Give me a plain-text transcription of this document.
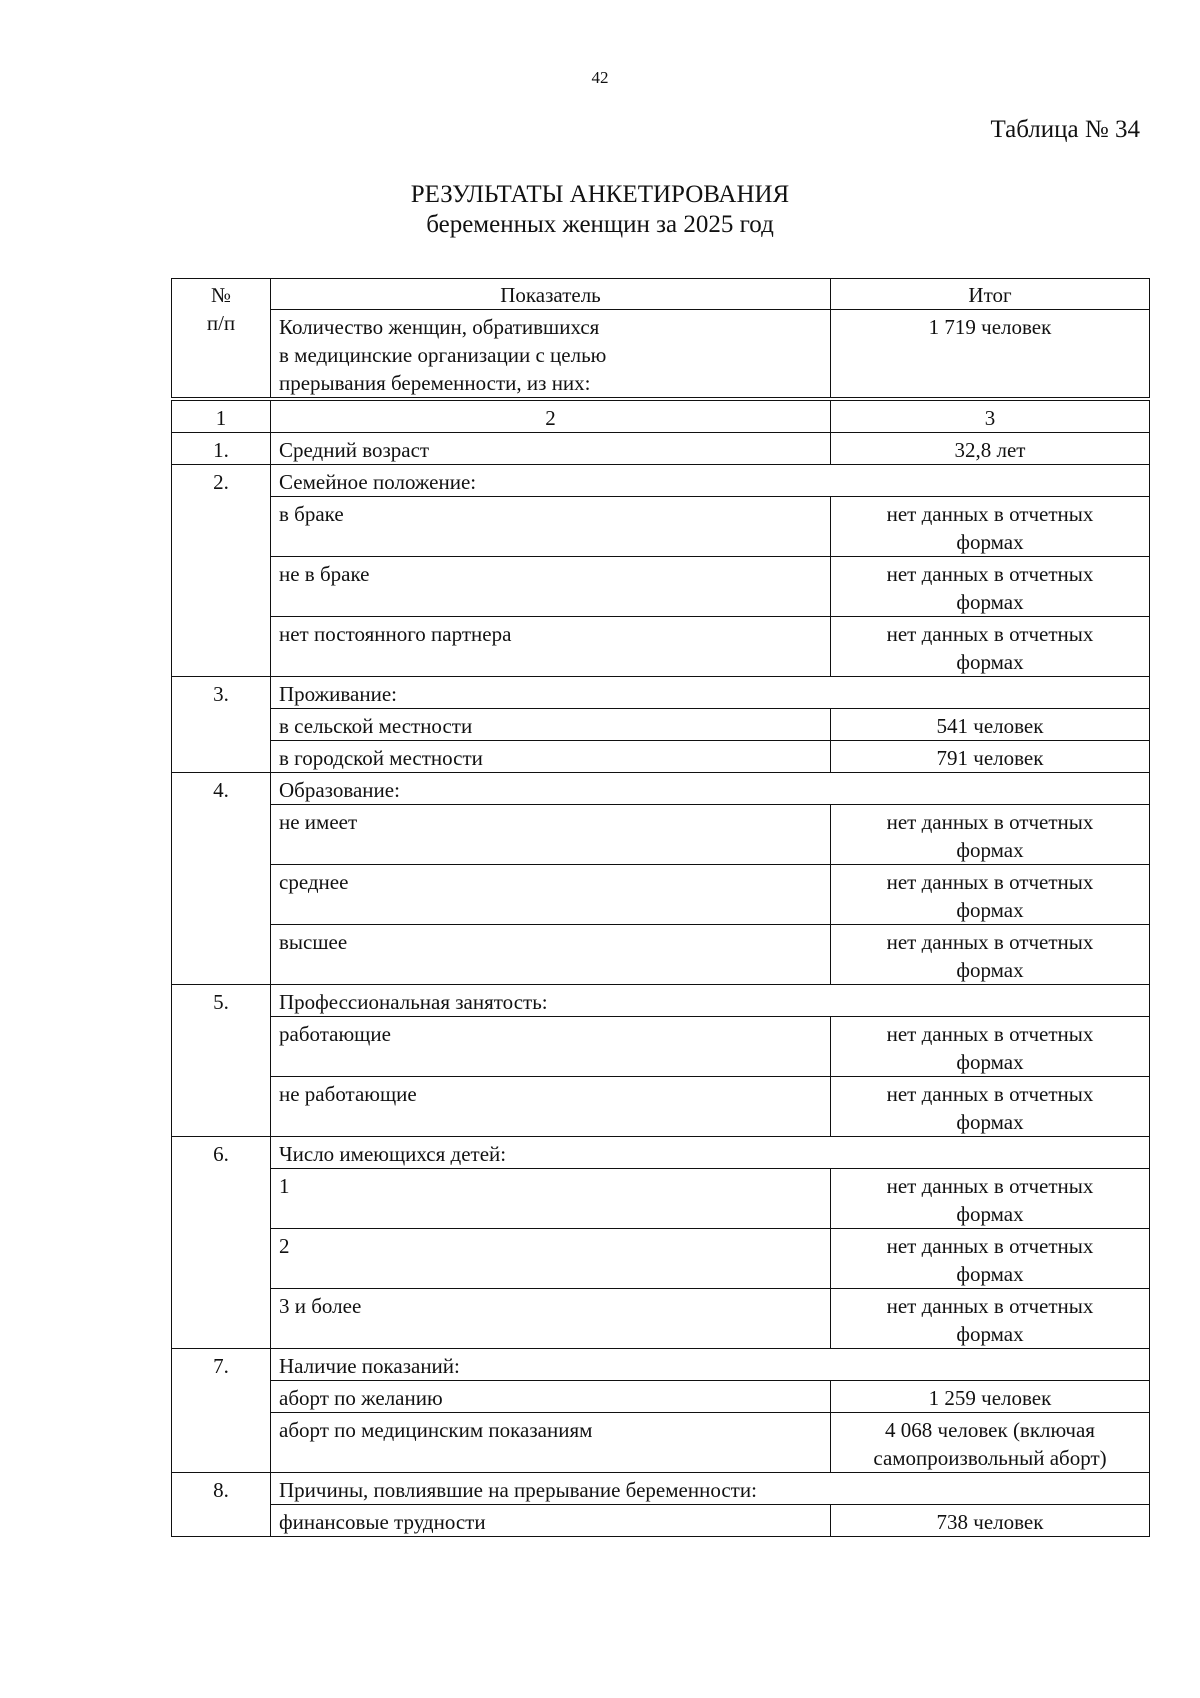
42
Таблица № 34
РЕЗУЛЬТАТЫ АНКЕТИРОВАНИЯ
беременных женщин за 2025 год
№
п/п	Показатель	Итог
	Количество женщин, обратившихся
в медицинские организации с целью
прерывания беременности, из них:	1 719 человек
1	2	3
1.	Средний возраст	32,8 лет
2.	Семейное положение:	
	в браке	нет данных в отчетных
формах
	не в браке	нет данных в отчетных
формах
	нет постоянного партнера	нет данных в отчетных
формах
3.	Проживание:	
	в сельской местности	541 человек
	в городской местности	791 человек
4.	Образование:	
	не имеет	нет данных в отчетных
формах
	среднее	нет данных в отчетных
формах
	высшее	нет данных в отчетных
формах
5.	Профессиональная занятость:	
	работающие	нет данных в отчетных
формах
	не работающие	нет данных в отчетных
формах
6.	Число имеющихся детей:	
	1	нет данных в отчетных
формах
	2	нет данных в отчетных
формах
	3 и более	нет данных в отчетных
формах
7.	Наличие показаний:	
	аборт по желанию	1 259 человек
	аборт по медицинским показаниям	4 068 человек (включая
самопроизвольный аборт)
8.	Причины, повлиявшие на прерывание беременности:	
	финансовые трудности	738 человек
